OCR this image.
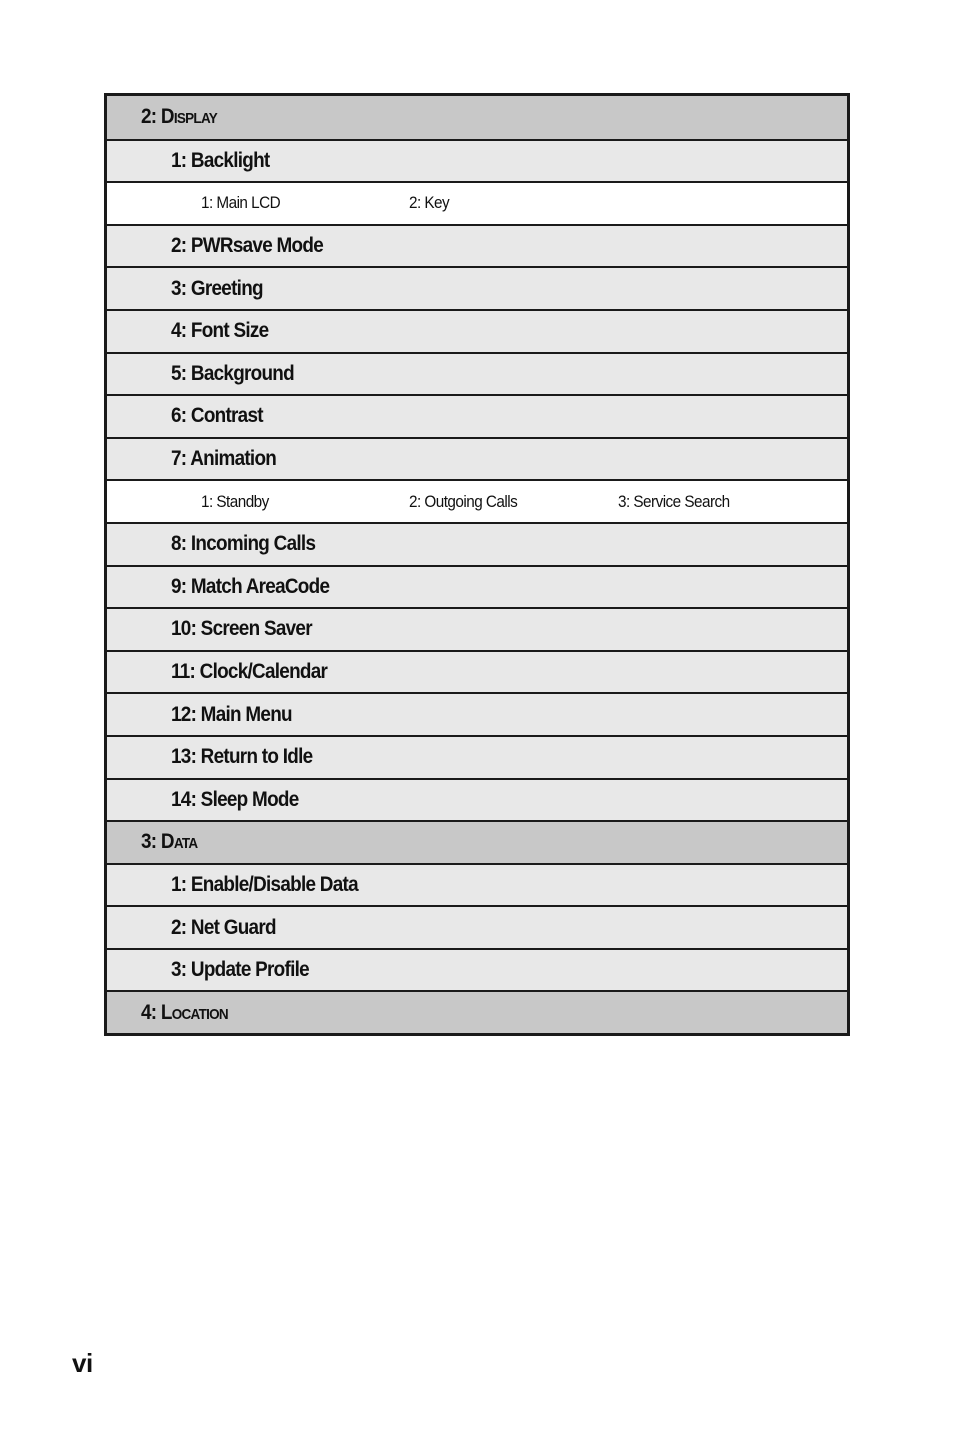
2: Display
1: Backlight
1: Main LCD	2: Key
2: PWRsave Mode
3: Greeting
4: Font Size
5: Background
6: Contrast
7: Animation
1: Standby	2: Outgoing Calls	3: Service Search
8: Incoming Calls
9: Match AreaCode
10: Screen Saver
11: Clock/Calendar
12: Main Menu
13: Return to Idle
14: Sleep Mode
3: Data
1: Enable/Disable Data
2: Net Guard
3: Update Profile
4: Location
vi
